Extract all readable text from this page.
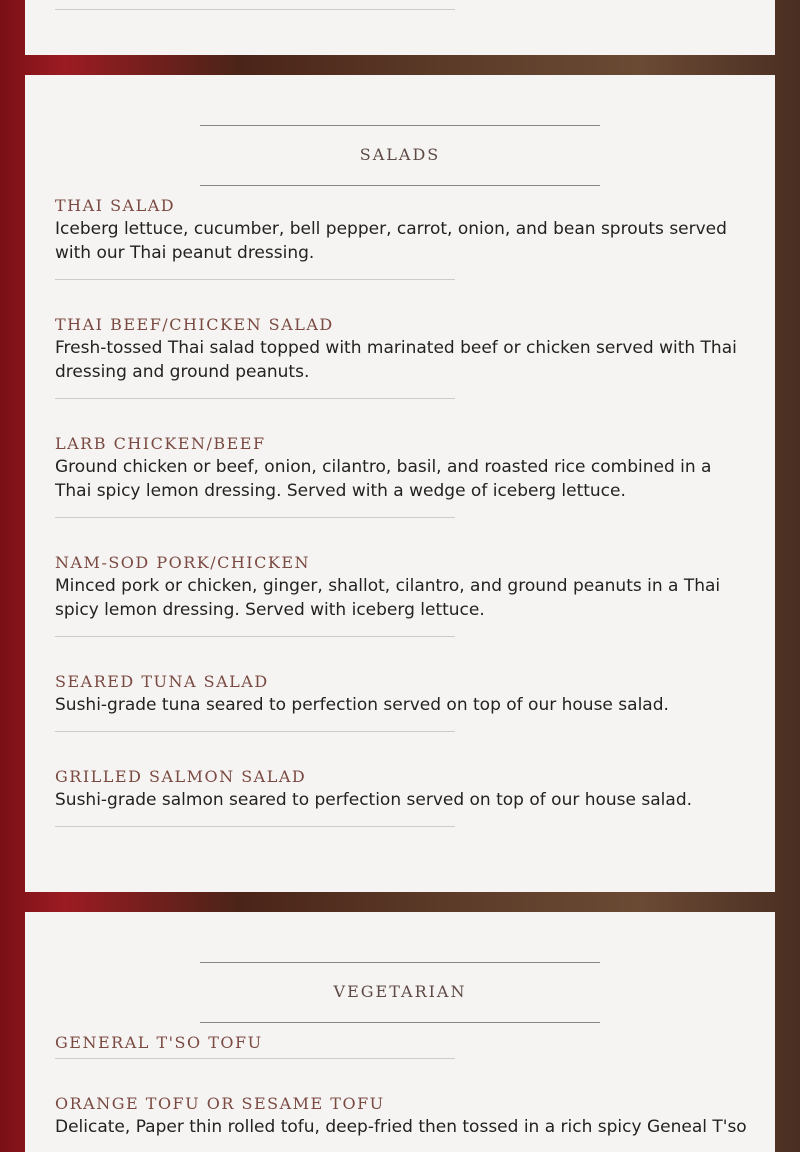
SALADS

THAI SALAD

Iceberg lettuce, cucumber, bell pepper, carrot, onion, and bean sprouts served with our Thai peanut dressing.

THAI BEEF/CHICKEN SALAD

Fresh-tossed Thai salad topped with marinated beef or chicken served with Thai dressing and ground peanuts.

LARB CHICKEN/BEEF

Ground chicken or beef, onion, cilantro, basil, and roasted rice combined in a Thai spicy lemon dressing. Served with a wedge of iceberg lettuce.

NAM-SOD PORK/CHICKEN

Minced pork or chicken, ginger, shallot, cilantro, and ground peanuts in a Thai spicy lemon dressing. Served with iceberg lettuce.

SEARED TUNA SALAD

Sushi-grade tuna seared to perfection served on top of our house salad.

GRILLED SALMON SALAD

Sushi-grade salmon seared to perfection served on top of our house salad.

VEGETARIAN

GENERAL T'SO TOFU

ORANGE TOFU OR SESAME TOFU

Delicate, Paper thin rolled tofu, deep-fried then tossed in a rich spicy Geneal T'so
